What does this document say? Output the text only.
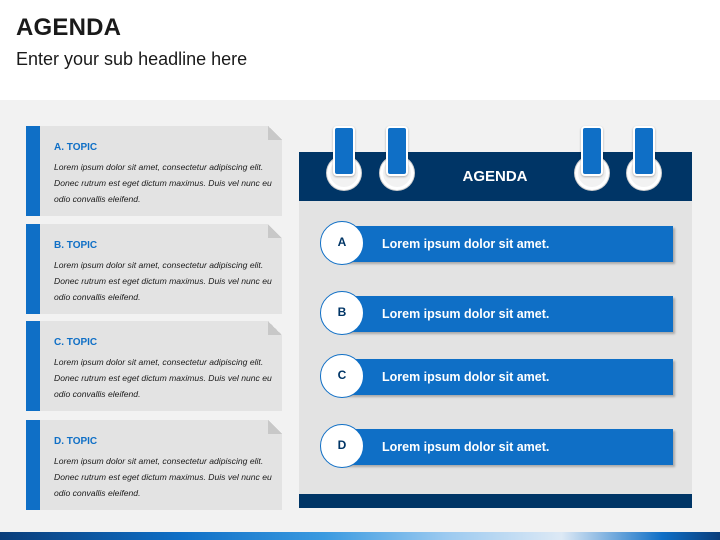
AGENDA
Enter your sub headline here
A. TOPIC
Lorem ipsum dolor sit amet, consectetur adipiscing elit. Donec rutrum est eget dictum maximus. Duis vel nunc eu odio convallis eleifend.
B. TOPIC
Lorem ipsum dolor sit amet, consectetur adipiscing elit. Donec rutrum est eget dictum maximus. Duis vel nunc eu odio convallis eleifend.
C. TOPIC
Lorem ipsum dolor sit amet, consectetur adipiscing elit. Donec rutrum est eget dictum maximus. Duis vel nunc eu odio convallis eleifend.
D. TOPIC
Lorem ipsum dolor sit amet, consectetur adipiscing elit. Donec rutrum est eget dictum maximus. Duis vel nunc eu odio convallis eleifend.
AGENDA
Lorem ipsum dolor sit amet.
A
Lorem ipsum dolor sit amet.
B
Lorem ipsum dolor sit amet.
C
Lorem ipsum dolor sit amet.
D
